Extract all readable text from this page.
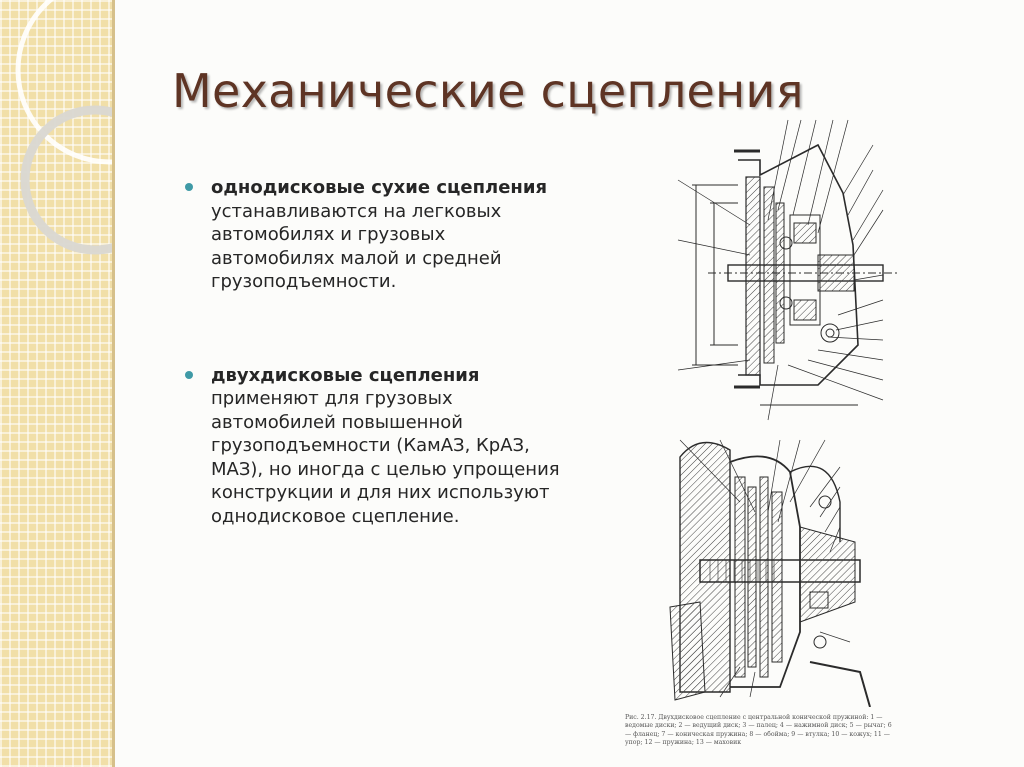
Механические сцепления
однодисковые сухие сцепления устанавливаются на легковых автомобилях и грузовых автомобилях малой и средней грузоподъемности.
двухдисковые сцепления применяют для грузовых автомобилей повышенной грузоподъемности (КамАЗ, КрАЗ, МАЗ), но иногда с целью упрощения конструкции и для них используют однодисковое сцепление.
Рис. 2.17. Двухдисковое сцепление с центральной конической пружиной: 1 — ведомые диски; 2 — ведущий диск; 3 — палец; 4 — нажимной диск; 5 — рычаг; 6 — фланец; 7 — коническая пружина; 8 — обойма; 9 — втулка; 10 — кожух; 11 — упор; 12 — пружина; 13 — маховик
